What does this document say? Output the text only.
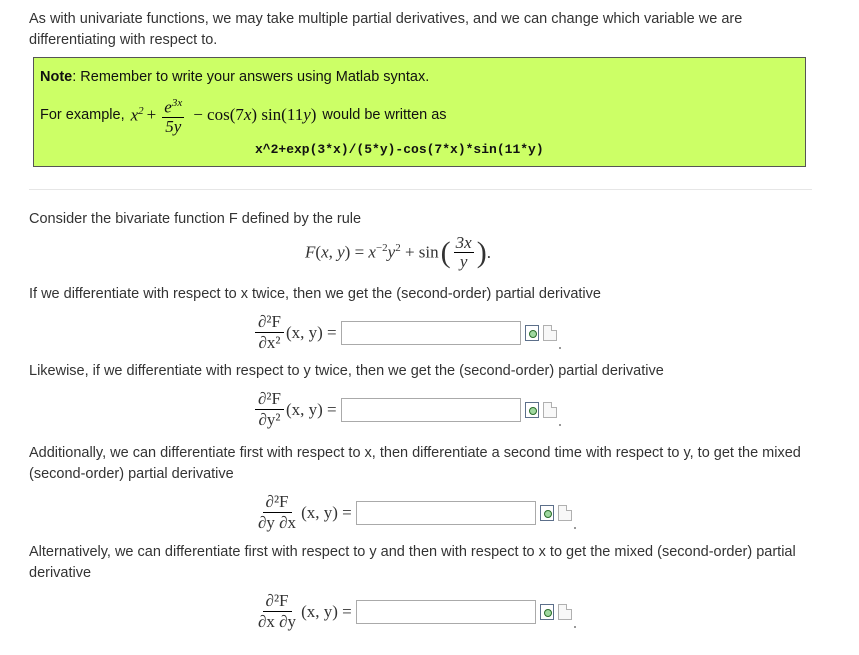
As with univariate functions, we may take multiple partial derivatives, and we can change which variable we are differentiating with respect to.
Note: Remember to write your answers using Matlab syntax.
For example, $x^2 + \frac{e^{3x}}{5y} - \cos(7x)$ sin(11y) would be written as
x^2+exp(3*x)/(5*y)-cos(7*x)*sin(11*y)
Consider the bivariate function F defined by the rule
F(x, $y) = x^{-2}y^2 + \sin$ ( $\frac{3x}{y}$ ) .
If we differentiate with respect to x twice, then we get the (second-order) partial derivative
$\frac{\text{∂²F}}{\text{∂x²}} (x$, y) =
Likewise, if we differentiate with respect to y twice, then we get the (second-order) partial derivative
$\frac{\text{∂²F}}{\text{∂y²}} (x$, y) =
Additionally, we can differentiate first with respect to x, then differentiate a second time with respect to y, to get the mixed (second-order) partial derivative
$\frac{\text{∂²F}}{\partial y \partial x} (x$, y) =
Alternatively, we can differentiate first with respect to y and then with respect to x to get the mixed (second-order) partial derivative
$\frac{\text{∂²F}}{\partial x \partial y} (x$, y) =
